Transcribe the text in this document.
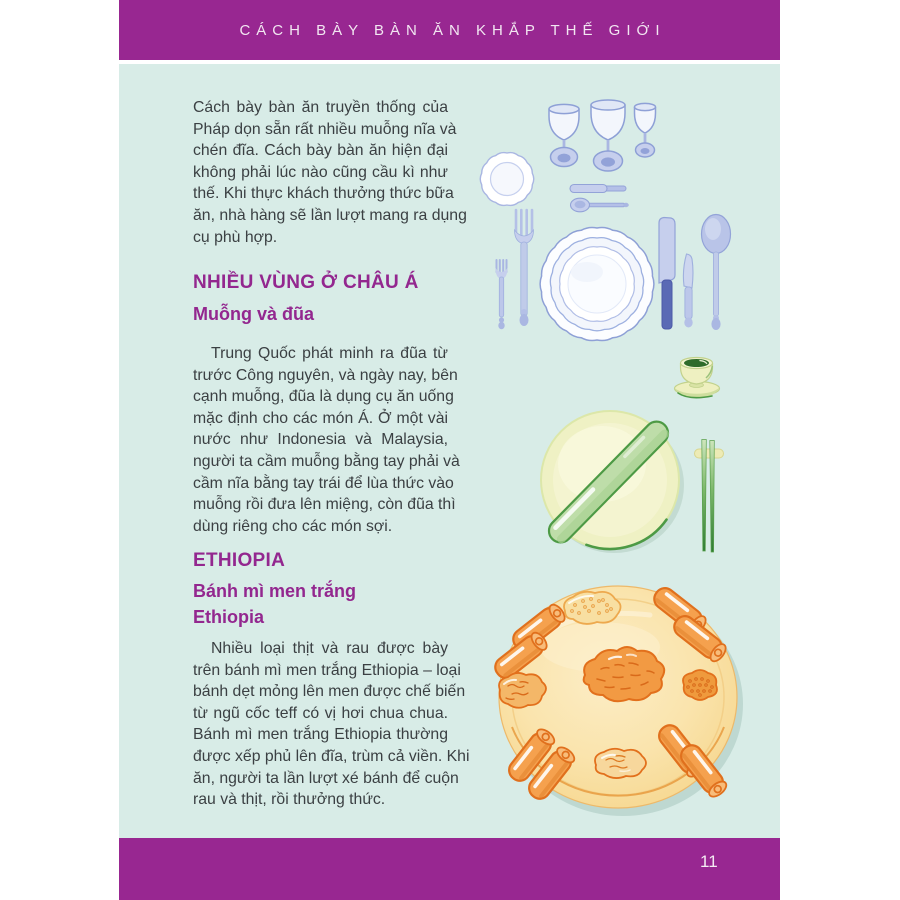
CÁCH BÀY BÀN ĂN KHẮP THẾ GIỚI
Cách bày bàn ăn truyền thống của
Pháp dọn sẵn rất nhiều muỗng nĩa và
chén đĩa. Cách bày bàn ăn hiện đại
không phải lúc nào cũng cầu kì như
thế. Khi thực khách thưởng thức bữa
ăn, nhà hàng sẽ lần lượt mang ra dụng
cụ phù hợp.
NHIỀU VÙNG Ở CHÂU Á
Muỗng và đũa
Trung Quốc phát minh ra đũa từ
trước Công nguyên, và ngày nay, bên
cạnh muỗng, đũa là dụng cụ ăn uống
mặc định cho các món Á. Ở một vài
nước như Indonesia và Malaysia,
người ta cầm muỗng bằng tay phải và
cầm nĩa bằng tay trái để lùa thức vào
muỗng rồi đưa lên miệng, còn đũa thì
dùng riêng cho các món sợi.
ETHIOPIA
Bánh mì men trắng
Ethiopia
Nhiều loại thịt và rau được bày
trên bánh mì men trắng Ethiopia – loại
bánh dẹt mỏng lên men được chế biến
từ ngũ cốc teff có vị hơi chua chua.
Bánh mì men trắng Ethiopia thường
được xếp phủ lên đĩa, trùm cả viền. Khi
ăn, người ta lần lượt xé bánh để cuộn
rau và thịt, rồi thưởng thức.
11
